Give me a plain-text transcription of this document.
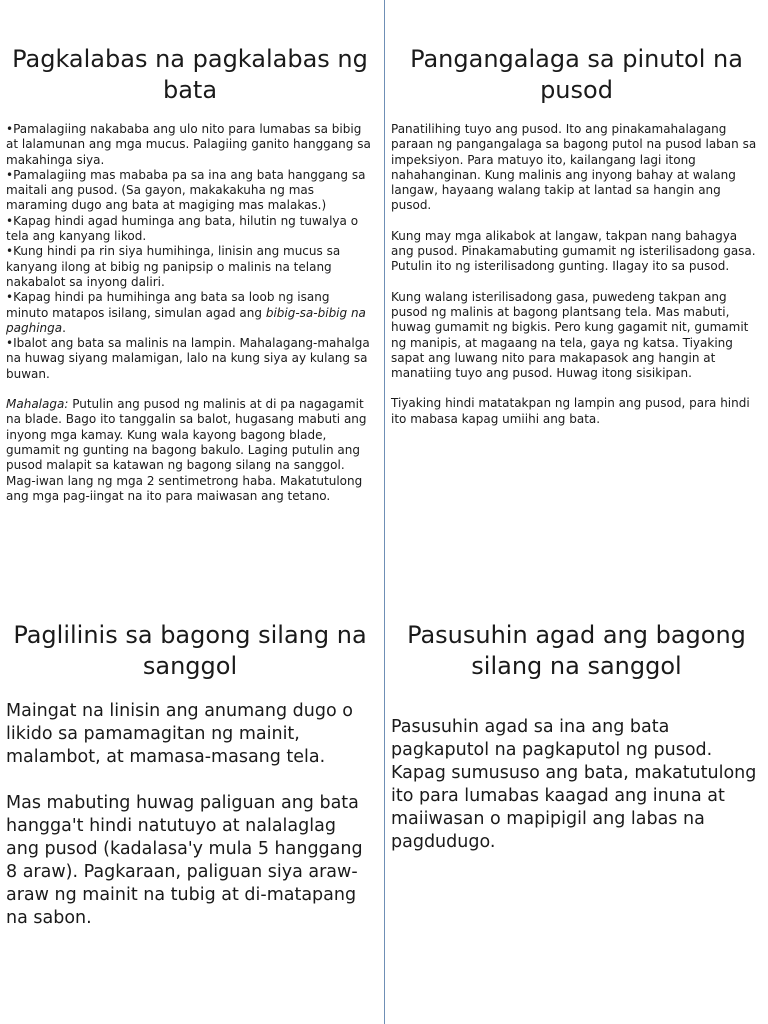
Pagkalabas na pagkalabas ng bata

•Pamalagiing nakababa ang ulo nito para lumabas sa bibig at lalamunan ang mga mucus. Palagiing ganito hanggang sa makahinga siya.

•Pamalagiing mas mababa pa sa ina ang bata hanggang sa maitali ang pusod. (Sa gayon, makakakuha ng mas maraming dugo ang bata at magiging mas malakas.)

•Kapag hindi agad huminga ang bata, hilutin ng tuwalya o tela ang kanyang likod.

•Kung hindi pa rin siya humihinga, linisin ang mucus sa kanyang ilong at bibig ng panipsip o malinis na telang nakabalot sa inyong daliri.

•Kapag hindi pa humihinga ang bata sa loob ng isang minuto matapos isilang, simulan agad ang bibig-sa-bibig na paghinga.

•Ibalot ang bata sa malinis na lampin. Mahalagang-mahalga na huwag siyang malamigan, lalo na kung siya ay kulang sa buwan.

Mahalaga: Putulin ang pusod ng malinis at di pa nagagamit na blade. Bago ito tanggalin sa balot, hugasang mabuti ang inyong mga kamay. Kung wala kayong bagong blade, gumamit ng gunting na bagong bakulo. Laging putulin ang pusod malapit sa katawan ng bagong silang na sanggol. Mag-iwan lang ng mga 2 sentimetrong haba. Makatutulong ang mga pag-iingat na ito para maiwasan ang tetano.

Pangangalaga sa pinutol na pusod

Panatilihing tuyo ang pusod. Ito ang pinakamahalagang paraan ng pangangalaga sa bagong putol na pusod laban sa impeksiyon. Para matuyo ito, kailangang lagi itong nahahanginan. Kung malinis ang inyong bahay at walang langaw, hayaang walang takip at lantad sa hangin ang pusod.

Kung may mga alikabok at langaw, takpan nang bahagya ang pusod. Pinakamabuting gumamit ng isterilisadong gasa. Putulin ito ng isterilisadong gunting. Ilagay ito sa pusod.

Kung walang isterilisadong gasa, puwedeng takpan ang pusod ng malinis at bagong plantsang tela. Mas mabuti, huwag gumamit ng bigkis. Pero kung gagamit nit, gumamit ng manipis, at magaang na tela, gaya ng katsa. Tiyaking sapat ang luwang nito para makapasok ang hangin at manatiing tuyo ang pusod. Huwag itong sisikipan.

Tiyaking hindi matatakpan ng lampin ang pusod, para hindi ito mabasa kapag umiihi ang bata.

Paglilinis sa bagong silang na sanggol

Maingat na linisin ang anumang dugo o likido sa pamamagitan ng mainit, malambot, at mamasa-masang tela.

Mas mabuting huwag paliguan ang bata hangga't hindi natutuyo at nalalaglag ang pusod (kadalasa'y mula 5 hanggang 8 araw). Pagkaraan, paliguan siya araw-araw ng mainit na tubig at di-matapang na sabon.

Pasusuhin agad ang bagong silang na sanggol

Pasusuhin agad sa ina ang bata pagkaputol na pagkaputol ng pusod. Kapag sumususo ang bata, makatutulong ito para lumabas kaagad ang inuna at maiiwasan o mapipigil ang labas na pagdudugo.
